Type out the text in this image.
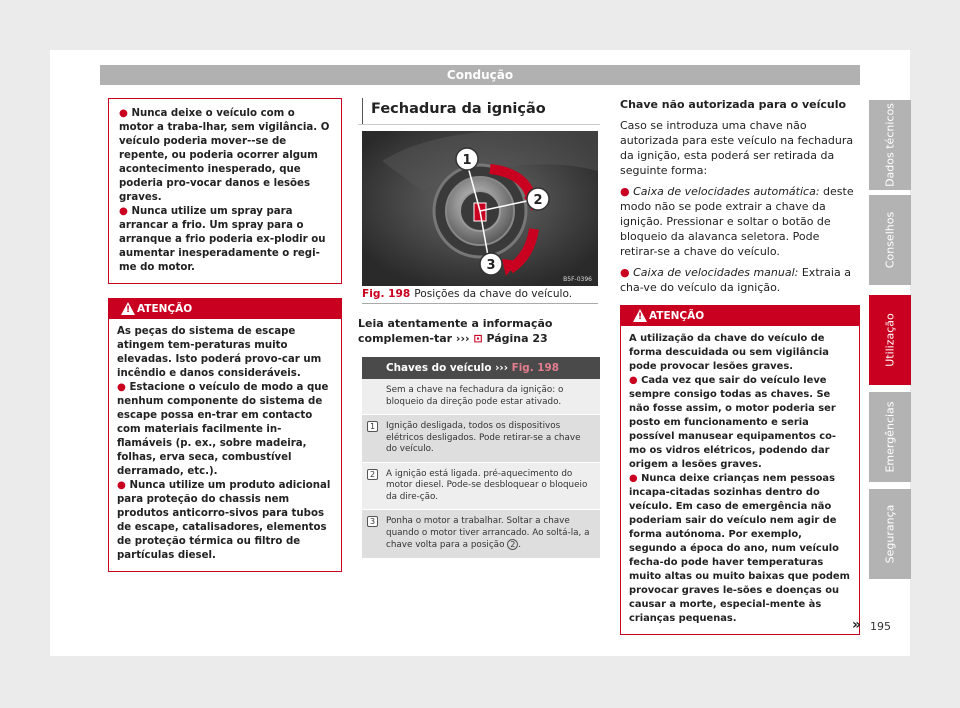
Condução

● Nunca deixe o veículo com o motor a traba-lhar, sem vigilância. O veículo poderia mover--se de repente, ou poderia ocorrer algum acontecimento inesperado, que poderia pro-vocar danos e lesões graves.

● Nunca utilize um spray para arrancar a frio. Um spray para o arranque a frio poderia ex-plodir ou aumentar inesperadamente o regi-me do motor.

! ATENÇÃO

As peças do sistema de escape atingem tem-peraturas muito elevadas. Isto poderá provo-car um incêndio e danos consideráveis.

● Estacione o veículo de modo a que nenhum componente do sistema de escape possa en-trar em contacto com materiais facilmente in-flamáveis (p. ex., sobre madeira, folhas, erva seca, combustível derramado, etc.).

● Nunca utilize um produto adicional para proteção do chassis nem produtos anticorro-sivos para tubos de escape, catalisadores, elementos de proteção térmica ou filtro de partículas diesel.

Fechadura da ignição
1
2
3
B5F-0396
Fig. 198 Posições da chave do veículo.
Leia atentamente a informação complemen-tar ››› ⊡ Página 23
Chaves do veículo ››› Fig. 198
Sem a chave na fechadura da ignição: o bloqueio da direção pode estar ativado.
1	Ignição desligada, todos os dispositivos elétricos desligados. Pode retirar-se a chave do veículo.
2	A ignição está ligada. pré-aquecimento do motor diesel. Pode-se desbloquear o bloqueio da dire-ção.
3	Ponha o motor a trabalhar. Soltar a chave quando o motor tiver arrancado. Ao soltá-la, a chave volta para a posição 2 .
Chave não autorizada para o veículo

Caso se introduza uma chave não autorizada para este veículo na fechadura da ignição, esta poderá ser retirada da seguinte forma:

● Caixa de velocidades automática: deste modo não se pode extrair a chave da ignição. Pressionar e soltar o botão de bloqueio da alavanca seletora. Pode retirar-se a chave do veículo.

● Caixa de velocidades manual: Extraia a cha-ve do veículo da ignição.

! ATENÇÃO

A utilização da chave do veículo de forma descuidada ou sem vigilância pode provocar lesões graves.

● Cada vez que sair do veículo leve sempre consigo todas as chaves. Se não fosse assim, o motor poderia ser posto em funcionamento e seria possível manusear equipamentos co-mo os vidros elétricos, podendo dar origem a lesões graves.

● Nunca deixe crianças nem pessoas incapa-citadas sozinhas dentro do veículo. Em caso de emergência não poderiam sair do veículo nem agir de forma autónoma. Por exemplo, segundo a época do ano, num veículo fecha-do pode haver temperaturas muito altas ou muito baixas que podem provocar graves le-sões e doenças ou causar a morte, especial-mente às crianças pequenas.	»
Dados técnicos
Conselhos
Utilização
Emergências
Segurança
195
